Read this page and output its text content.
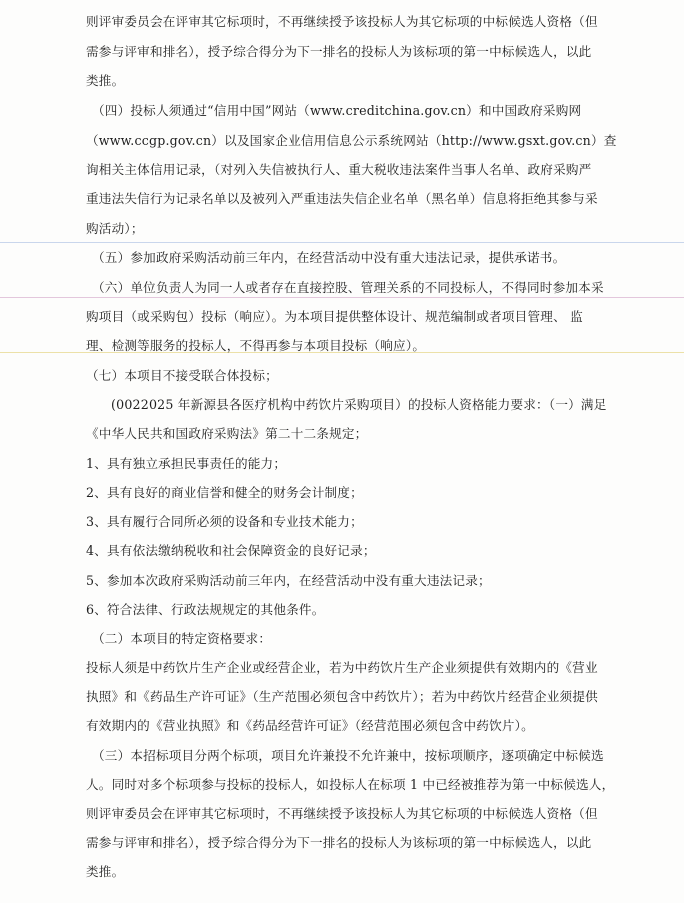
则评审委员会在评审其它标项时，不再继续授予该投标人为其它标项的中标候选人资格（但
需参与评审和排名），授予综合得分为下一排名的投标人为该标项的第一中标候选人，以此
类推。
（四）投标人须通过“信用中国”网站（www.creditchina.gov.cn）和中国政府采购网
（www.ccgp.gov.cn）以及国家企业信用信息公示系统网站（http://www.gsxt.gov.cn）查
询相关主体信用记录，（对列入失信被执行人、重大税收违法案件当事人名单、政府采购严
重违法失信行为记录名单以及被列入严重违法失信企业名单（黑名单）信息将拒绝其参与采
购活动）；
（五）参加政府采购活动前三年内，在经营活动中没有重大违法记录，提供承诺书。
（六）单位负责人为同一人或者存在直接控股、管理关系的不同投标人，不得同时参加本采
购项目（或采购包）投标（响应）。为本项目提供整体设计、规范编制或者项目管理、 监
理、检测等服务的投标人，不得再参与本项目投标（响应）。
（七）本项目不接受联合体投标；
(0022025 年新源县各医疗机构中药饮片采购项目）的投标人资格能力要求：（一）满足
《中华人民共和国政府采购法》第二十二条规定；
1、具有独立承担民事责任的能力；
2、具有良好的商业信誉和健全的财务会计制度；
3、具有履行合同所必须的设备和专业技术能力；
4、具有依法缴纳税收和社会保障资金的良好记录；
5、参加本次政府采购活动前三年内，在经营活动中没有重大违法记录；
6、符合法律、行政法规规定的其他条件。
（二）本项目的特定资格要求：
投标人须是中药饮片生产企业或经营企业，若为中药饮片生产企业须提供有效期内的《营业
执照》和《药品生产许可证》（生产范围必须包含中药饮片）；若为中药饮片经营企业须提供
有效期内的《营业执照》和《药品经营许可证》（经营范围必须包含中药饮片）。
（三）本招标项目分两个标项，项目允许兼投不允许兼中，按标项顺序，逐项确定中标候选
人。同时对多个标项参与投标的投标人，如投标人在标项 1 中已经被推荐为第一中标候选人，
则评审委员会在评审其它标项时，不再继续授予该投标人为其它标项的中标候选人资格（但
需参与评审和排名），授予综合得分为下一排名的投标人为该标项的第一中标候选人，以此
类推。
